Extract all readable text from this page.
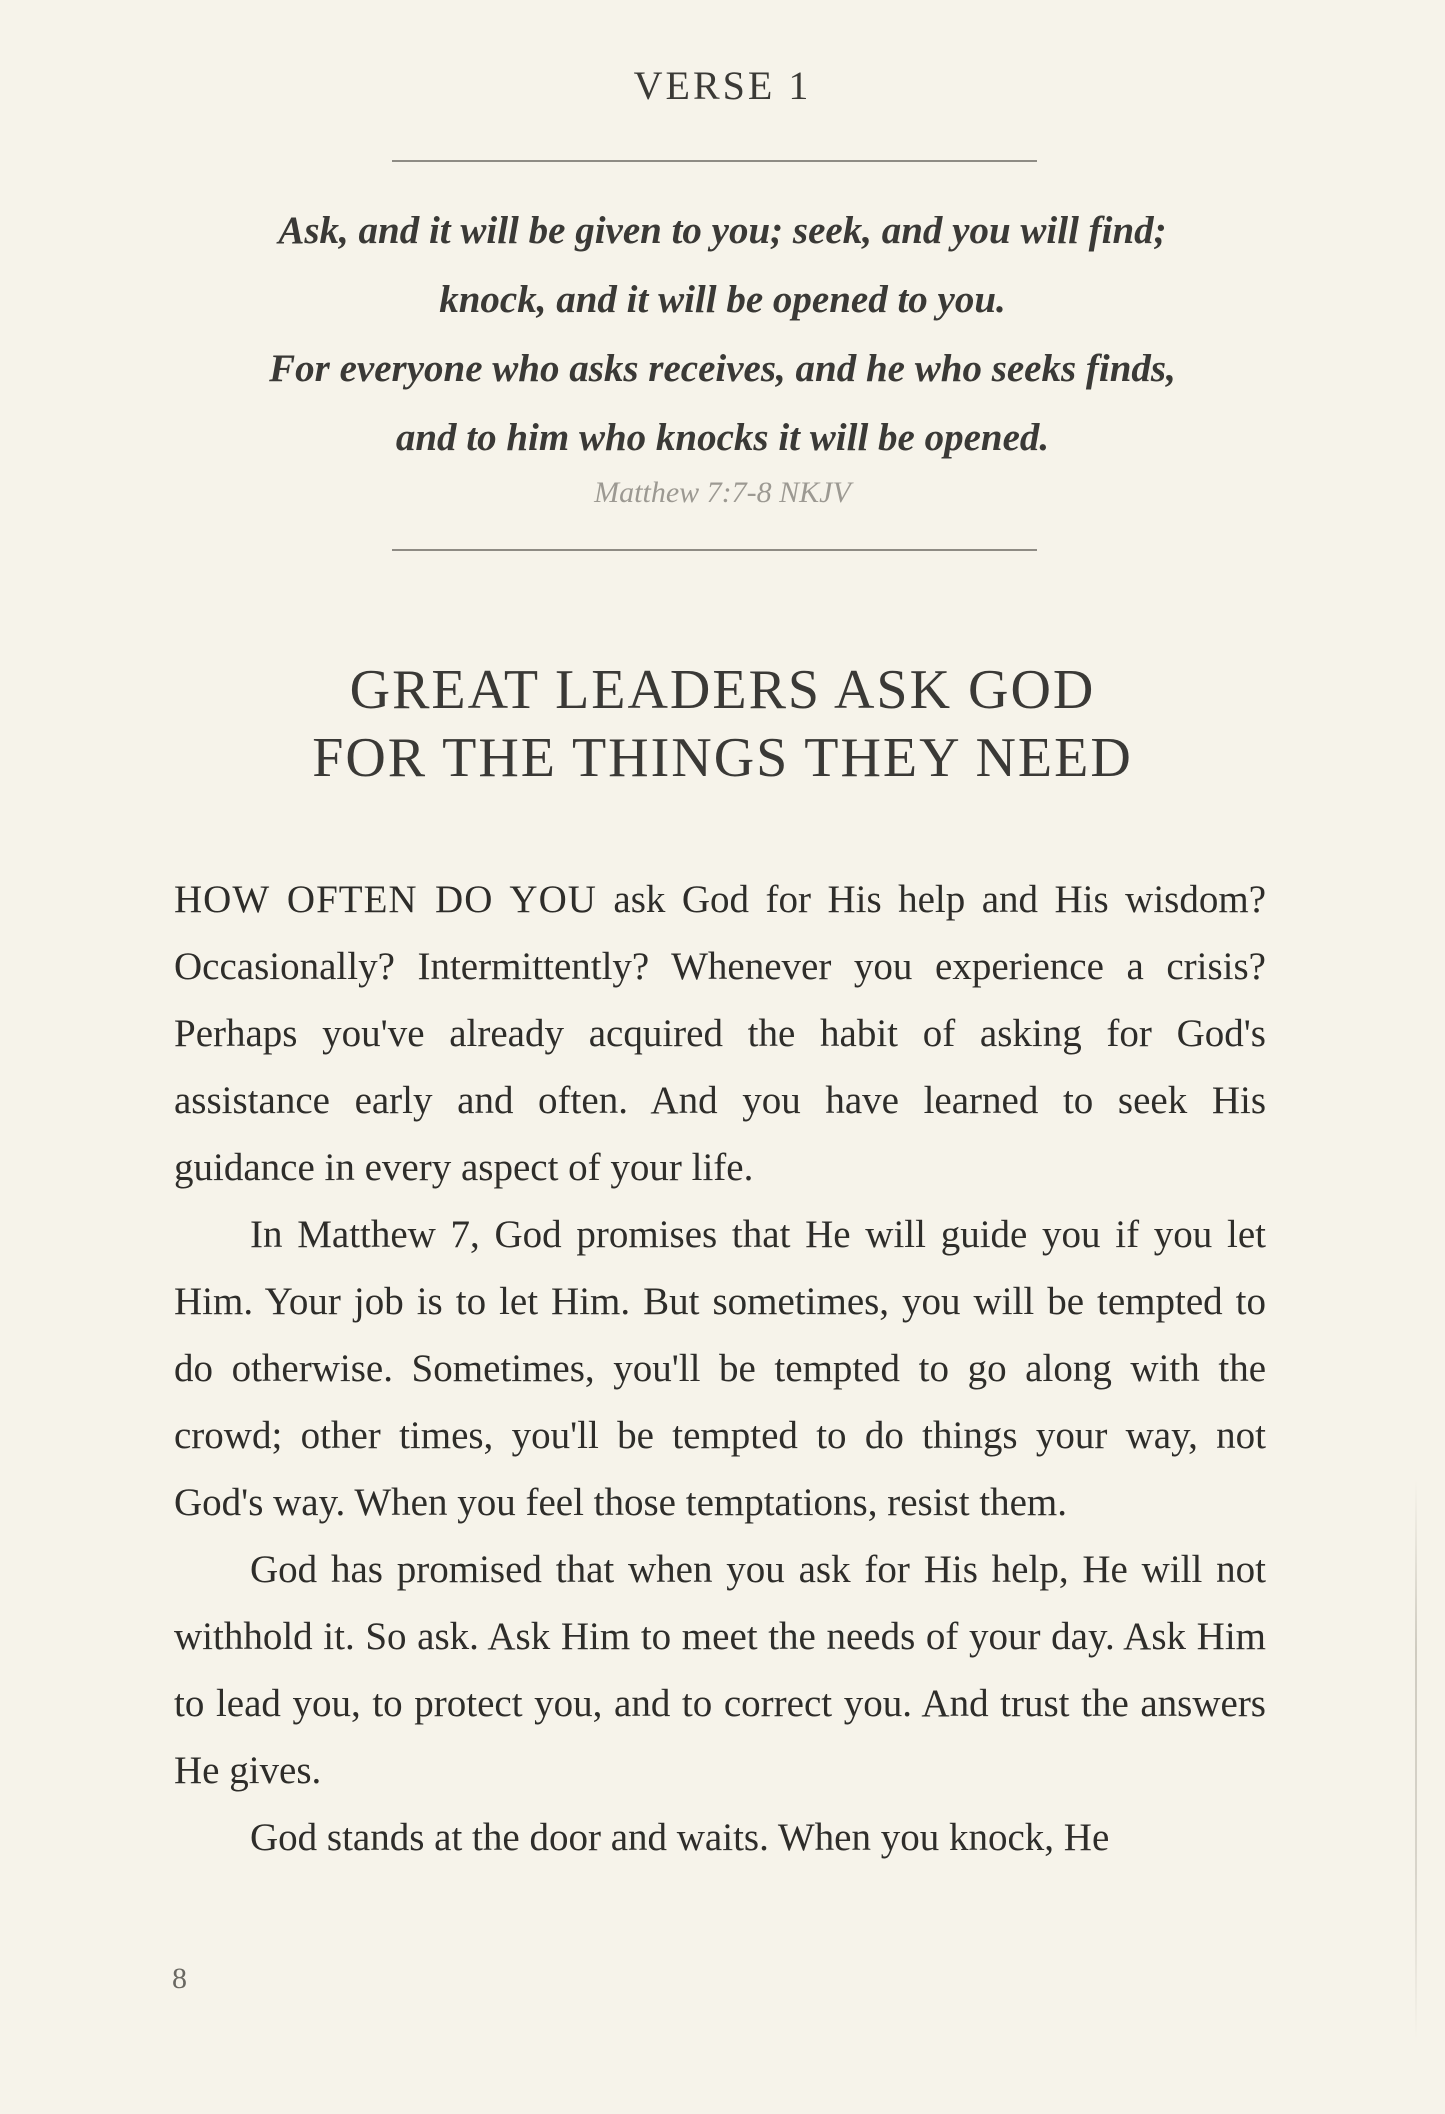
VERSE 1
Ask, and it will be given to you; seek, and you will find;
knock, and it will be opened to you.
For everyone who asks receives, and he who seeks finds,
and to him who knocks it will be opened.
Matthew 7:7-8 NKJV
GREAT LEADERS ASK GOD
FOR THE THINGS THEY NEED

HOW OFTEN DO YOU ask God for His help and His wisdom? Occasionally? Intermittently? Whenever you experience a crisis? Perhaps you've already acquired the habit of asking for God's assistance early and often. And you have learned to seek His guidance in every aspect of your life.

In Matthew 7, God promises that He will guide you if you let Him. Your job is to let Him. But sometimes, you will be tempted to do otherwise. Sometimes, you'll be tempted to go along with the crowd; other times, you'll be tempted to do things your way, not God's way. When you feel those temptations, resist them.

God has promised that when you ask for His help, He will not withhold it. So ask. Ask Him to meet the needs of your day. Ask Him to lead you, to protect you, and to correct you. And trust the answers He gives.

God stands at the door and waits. When you knock, He

8
